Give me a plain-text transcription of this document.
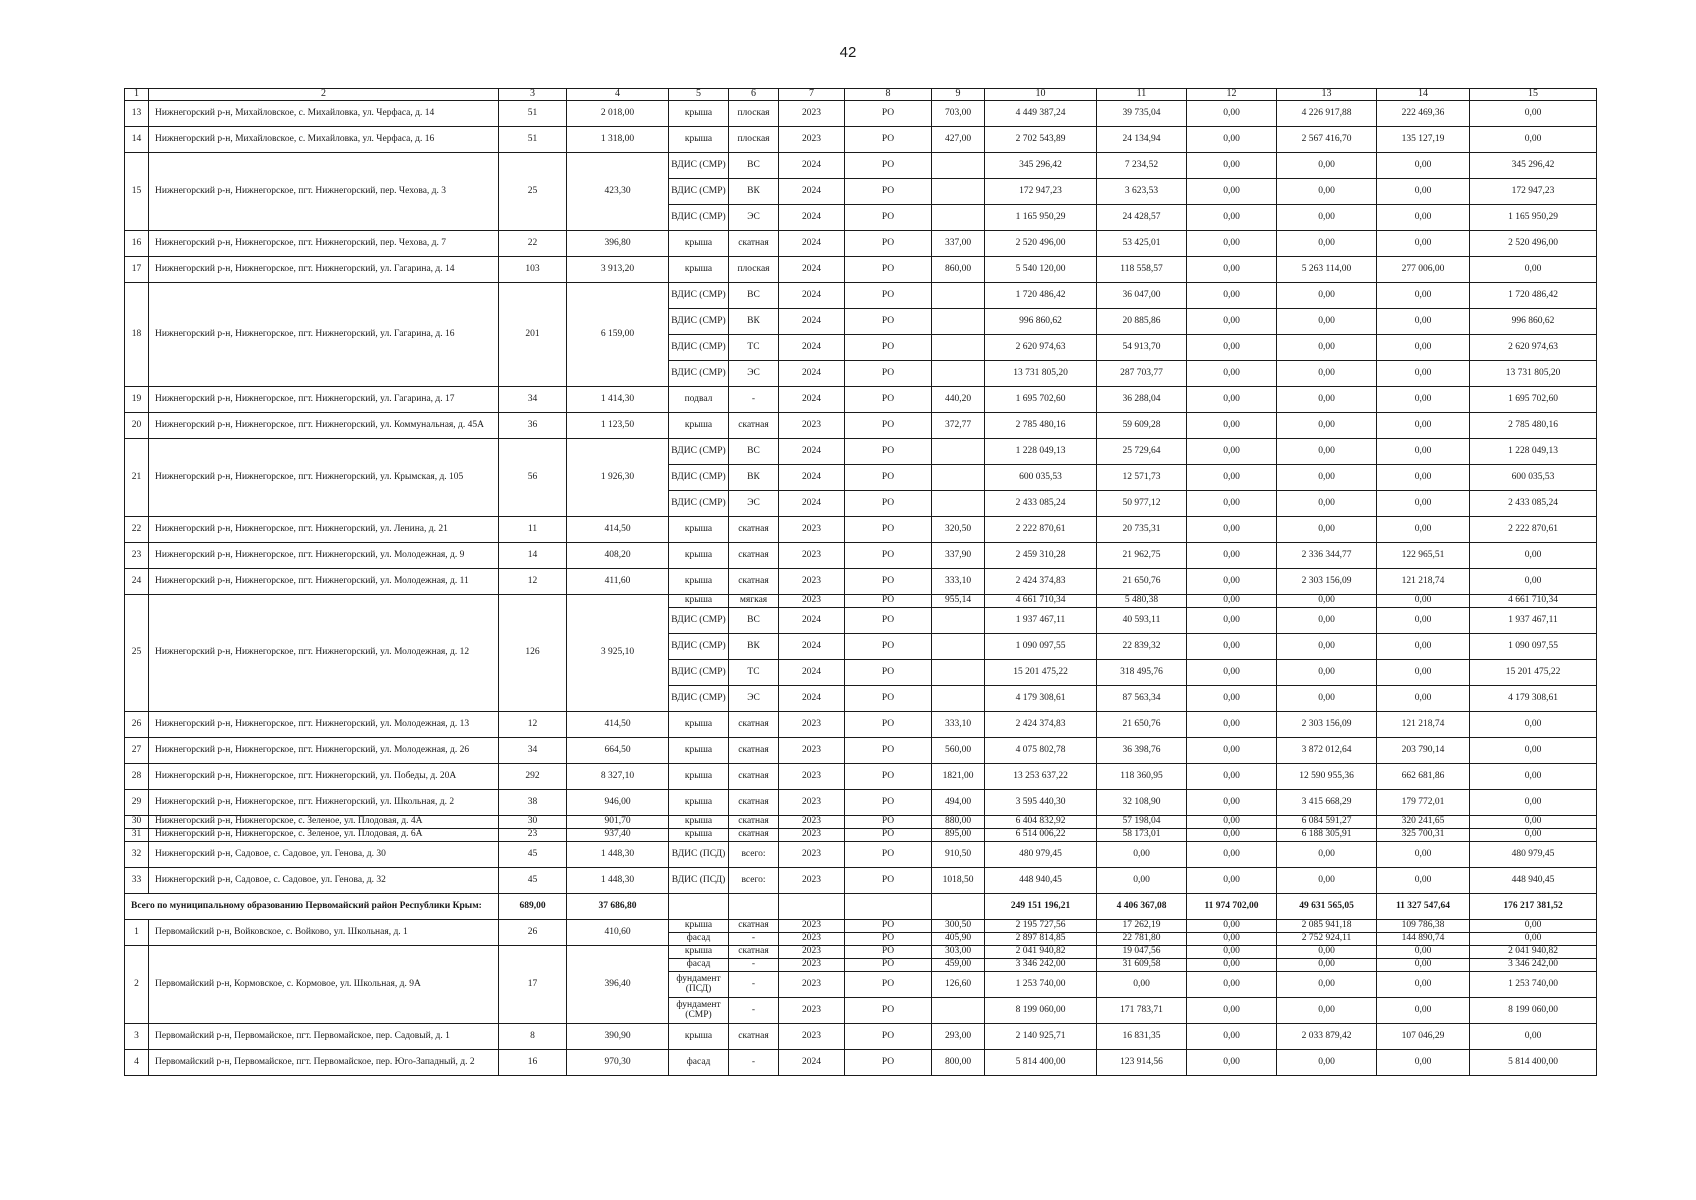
42
1	2	3	4	5	6	7	8	9	10	11	12	13	14	15
13	Нижнегорский р-н, Михайловское, с. Михайловка, ул. Черфаса, д. 14	51	2 018,00	крыша	плоская	2023	РО	703,00	4 449 387,24	39 735,04	0,00	4 226 917,88	222 469,36	0,00
14	Нижнегорский р-н, Михайловское, с. Михайловка, ул. Черфаса, д. 16	51	1 318,00	крыша	плоская	2023	РО	427,00	2 702 543,89	24 134,94	0,00	2 567 416,70	135 127,19	0,00
15	Нижнегорский р-н, Нижнегорское, пгт. Нижнегорский, пер. Чехова, д. 3	25	423,30	ВДИС (СМР)	ВС	2024	РО		345 296,42	7 234,52	0,00	0,00	0,00	345 296,42
				ВДИС (СМР)	ВК	2024	РО		172 947,23	3 623,53	0,00	0,00	0,00	172 947,23
				ВДИС (СМР)	ЭС	2024	РО		1 165 950,29	24 428,57	0,00	0,00	0,00	1 165 950,29
16	Нижнегорский р-н, Нижнегорское, пгт. Нижнегорский, пер. Чехова, д. 7	22	396,80	крыша	скатная	2024	РО	337,00	2 520 496,00	53 425,01	0,00	0,00	0,00	2 520 496,00
17	Нижнегорский р-н, Нижнегорское, пгт. Нижнегорский, ул. Гагарина, д. 14	103	3 913,20	крыша	плоская	2024	РО	860,00	5 540 120,00	118 558,57	0,00	5 263 114,00	277 006,00	0,00
18	Нижнегорский р-н, Нижнегорское, пгт. Нижнегорский, ул. Гагарина, д. 16	201	6 159,00	ВДИС (СМР)	ВС	2024	РО		1 720 486,42	36 047,00	0,00	0,00	0,00	1 720 486,42
				ВДИС (СМР)	ВК	2024	РО		996 860,62	20 885,86	0,00	0,00	0,00	996 860,62
				ВДИС (СМР)	ТС	2024	РО		2 620 974,63	54 913,70	0,00	0,00	0,00	2 620 974,63
				ВДИС (СМР)	ЭС	2024	РО		13 731 805,20	287 703,77	0,00	0,00	0,00	13 731 805,20
19	Нижнегорский р-н, Нижнегорское, пгт. Нижнегорский, ул. Гагарина, д. 17	34	1 414,30	подвал	-	2024	РО	440,20	1 695 702,60	36 288,04	0,00	0,00	0,00	1 695 702,60
20	Нижнегорский р-н, Нижнегорское, пгт. Нижнегорский, ул. Коммунальная, д. 45А	36	1 123,50	крыша	скатная	2023	РО	372,77	2 785 480,16	59 609,28	0,00	0,00	0,00	2 785 480,16
21	Нижнегорский р-н, Нижнегорское, пгт. Нижнегорский, ул. Крымская, д. 105	56	1 926,30	ВДИС (СМР)	ВС	2024	РО		1 228 049,13	25 729,64	0,00	0,00	0,00	1 228 049,13
				ВДИС (СМР)	ВК	2024	РО		600 035,53	12 571,73	0,00	0,00	0,00	600 035,53
				ВДИС (СМР)	ЭС	2024	РО		2 433 085,24	50 977,12	0,00	0,00	0,00	2 433 085,24
22	Нижнегорский р-н, Нижнегорское, пгт. Нижнегорский, ул. Ленина, д. 21	11	414,50	крыша	скатная	2023	РО	320,50	2 222 870,61	20 735,31	0,00	0,00	0,00	2 222 870,61
23	Нижнегорский р-н, Нижнегорское, пгт. Нижнегорский, ул. Молодежная, д. 9	14	408,20	крыша	скатная	2023	РО	337,90	2 459 310,28	21 962,75	0,00	2 336 344,77	122 965,51	0,00
24	Нижнегорский р-н, Нижнегорское, пгт. Нижнегорский, ул. Молодежная, д. 11	12	411,60	крыша	скатная	2023	РО	333,10	2 424 374,83	21 650,76	0,00	2 303 156,09	121 218,74	0,00
25	Нижнегорский р-н, Нижнегорское, пгт. Нижнегорский, ул. Молодежная, д. 12	126	3 925,10	крыша	мягкая	2023	РО	955,14	4 661 710,34	5 480,38	0,00	0,00	0,00	4 661 710,34
				ВДИС (СМР)	ВС	2024	РО		1 937 467,11	40 593,11	0,00	0,00	0,00	1 937 467,11
				ВДИС (СМР)	ВК	2024	РО		1 090 097,55	22 839,32	0,00	0,00	0,00	1 090 097,55
				ВДИС (СМР)	ТС	2024	РО		15 201 475,22	318 495,76	0,00	0,00	0,00	15 201 475,22
				ВДИС (СМР)	ЭС	2024	РО		4 179 308,61	87 563,34	0,00	0,00	0,00	4 179 308,61
26	Нижнегорский р-н, Нижнегорское, пгт. Нижнегорский, ул. Молодежная, д. 13	12	414,50	крыша	скатная	2023	РО	333,10	2 424 374,83	21 650,76	0,00	2 303 156,09	121 218,74	0,00
27	Нижнегорский р-н, Нижнегорское, пгт. Нижнегорский, ул. Молодежная, д. 26	34	664,50	крыша	скатная	2023	РО	560,00	4 075 802,78	36 398,76	0,00	3 872 012,64	203 790,14	0,00
28	Нижнегорский р-н, Нижнегорское, пгт. Нижнегорский, ул. Победы, д. 20А	292	8 327,10	крыша	скатная	2023	РО	1821,00	13 253 637,22	118 360,95	0,00	12 590 955,36	662 681,86	0,00
29	Нижнегорский р-н, Нижнегорское, пгт. Нижнегорский, ул. Школьная, д. 2	38	946,00	крыша	скатная	2023	РО	494,00	3 595 440,30	32 108,90	0,00	3 415 668,29	179 772,01	0,00
30	Нижнегорский р-н, Нижнегорское, с. Зеленое, ул. Плодовая, д. 4А	30	901,70	крыша	скатная	2023	РО	880,00	6 404 832,92	57 198,04	0,00	6 084 591,27	320 241,65	0,00
31	Нижнегорский р-н, Нижнегорское, с. Зеленое, ул. Плодовая, д. 6А	23	937,40	крыша	скатная	2023	РО	895,00	6 514 006,22	58 173,01	0,00	6 188 305,91	325 700,31	0,00
32	Нижнегорский р-н, Садовое, с. Садовое, ул. Генова, д. 30	45	1 448,30	ВДИС (ПСД)	всего:	2023	РО	910,50	480 979,45	0,00	0,00	0,00	0,00	480 979,45
33	Нижнегорский р-н, Садовое, с. Садовое, ул. Генова, д. 32	45	1 448,30	ВДИС (ПСД)	всего:	2023	РО	1018,50	448 940,45	0,00	0,00	0,00	0,00	448 940,45
Всего по муниципальному образованию Первомайский район Республики Крым:		689,00	37 686,80						249 151 196,21	4 406 367,08	11 974 702,00	49 631 565,05	11 327 547,64	176 217 381,52
1	Первомайский р-н, Войковское, с. Войково, ул. Школьная, д. 1	26	410,60	крыша	скатная	2023	РО	300,50	2 195 727,56	17 262,19	0,00	2 085 941,18	109 786,38	0,00
				фасад	-	2023	РО	405,90	2 897 814,85	22 781,80	0,00	2 752 924,11	144 890,74	0,00
2	Первомайский р-н, Кормовское, с. Кормовое, ул. Школьная, д. 9А	17	396,40	крыша	скатная	2023	РО	303,00	2 041 940,82	19 047,56	0,00	0,00	0,00	2 041 940,82
				фасад	-	2023	РО	459,00	3 346 242,00	31 609,58	0,00	0,00	0,00	3 346 242,00
				фундамент (ПСД)	-	2023	РО	126,60	1 253 740,00	0,00	0,00	0,00	0,00	1 253 740,00
				фундамент (СМР)	-	2023	РО		8 199 060,00	171 783,71	0,00	0,00	0,00	8 199 060,00
3	Первомайский р-н, Первомайское, пгт. Первомайское, пер. Садовый, д. 1	8	390,90	крыша	скатная	2023	РО	293,00	2 140 925,71	16 831,35	0,00	2 033 879,42	107 046,29	0,00
4	Первомайский р-н, Первомайское, пгт. Первомайское, пер. Юго-Западный, д. 2	16	970,30	фасад	-	2024	РО	800,00	5 814 400,00	123 914,56	0,00	0,00	0,00	5 814 400,00
